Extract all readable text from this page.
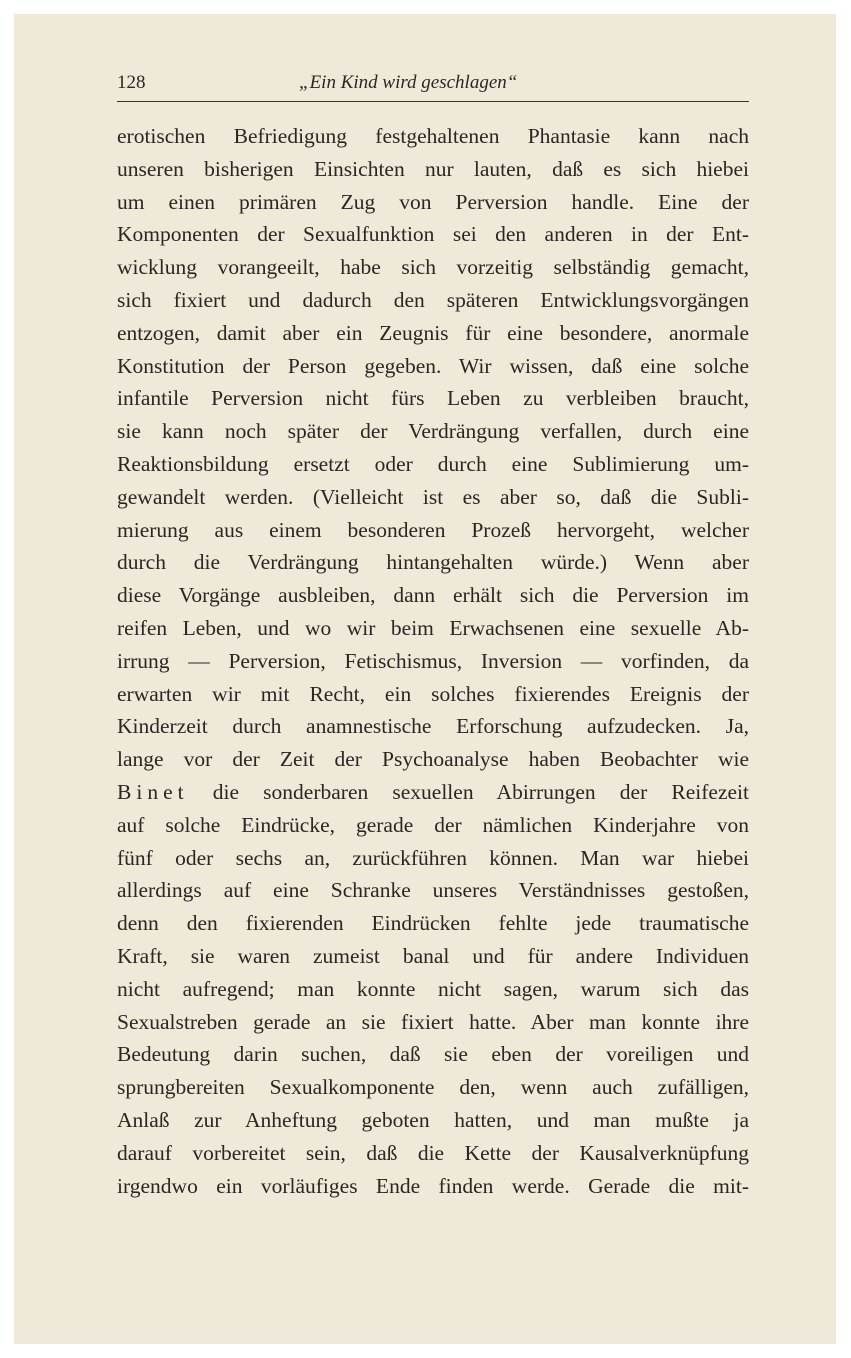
128	„Ein Kind wird geschlagen“
erotischen Befriedigung festgehaltenen Phantasie kann nach
unseren bisherigen Einsichten nur lauten, daß es sich hiebei
um einen primären Zug von Perversion handle. Eine der
Komponenten der Sexualfunktion sei den anderen in der Ent-
wicklung vorangeeilt, habe sich vorzeitig selbständig gemacht,
sich fixiert und dadurch den späteren Entwicklungsvorgängen
entzogen, damit aber ein Zeugnis für eine besondere, anormale
Konstitution der Person gegeben. Wir wissen, daß eine solche
infantile Perversion nicht fürs Leben zu verbleiben braucht,
sie kann noch später der Verdrängung verfallen, durch eine
Reaktionsbildung ersetzt oder durch eine Sublimierung um-
gewandelt werden. (Vielleicht ist es aber so, daß die Subli-
mierung aus einem besonderen Prozeß hervorgeht, welcher
durch die Verdrängung hintangehalten würde.) Wenn aber
diese Vorgänge ausbleiben, dann erhält sich die Perversion im
reifen Leben, und wo wir beim Erwachsenen eine sexuelle Ab-
irrung — Perversion, Fetischismus, Inversion — vorfinden, da
erwarten wir mit Recht, ein solches fixierendes Ereignis der
Kinderzeit durch anamnestische Erforschung aufzudecken. Ja,
lange vor der Zeit der Psychoanalyse haben Beobachter wie
Binet die sonderbaren sexuellen Abirrungen der Reifezeit
auf solche Eindrücke, gerade der nämlichen Kinderjahre von
fünf oder sechs an, zurückführen können. Man war hiebei
allerdings auf eine Schranke unseres Verständnisses gestoßen,
denn den fixierenden Eindrücken fehlte jede traumatische
Kraft, sie waren zumeist banal und für andere Individuen
nicht aufregend; man konnte nicht sagen, warum sich das
Sexualstreben gerade an sie fixiert hatte. Aber man konnte ihre
Bedeutung darin suchen, daß sie eben der voreiligen und
sprungbereiten Sexualkomponente den, wenn auch zufälligen,
Anlaß zur Anheftung geboten hatten, und man mußte ja
darauf vorbereitet sein, daß die Kette der Kausalverknüpfung
irgendwo ein vorläufiges Ende finden werde. Gerade die mit-
